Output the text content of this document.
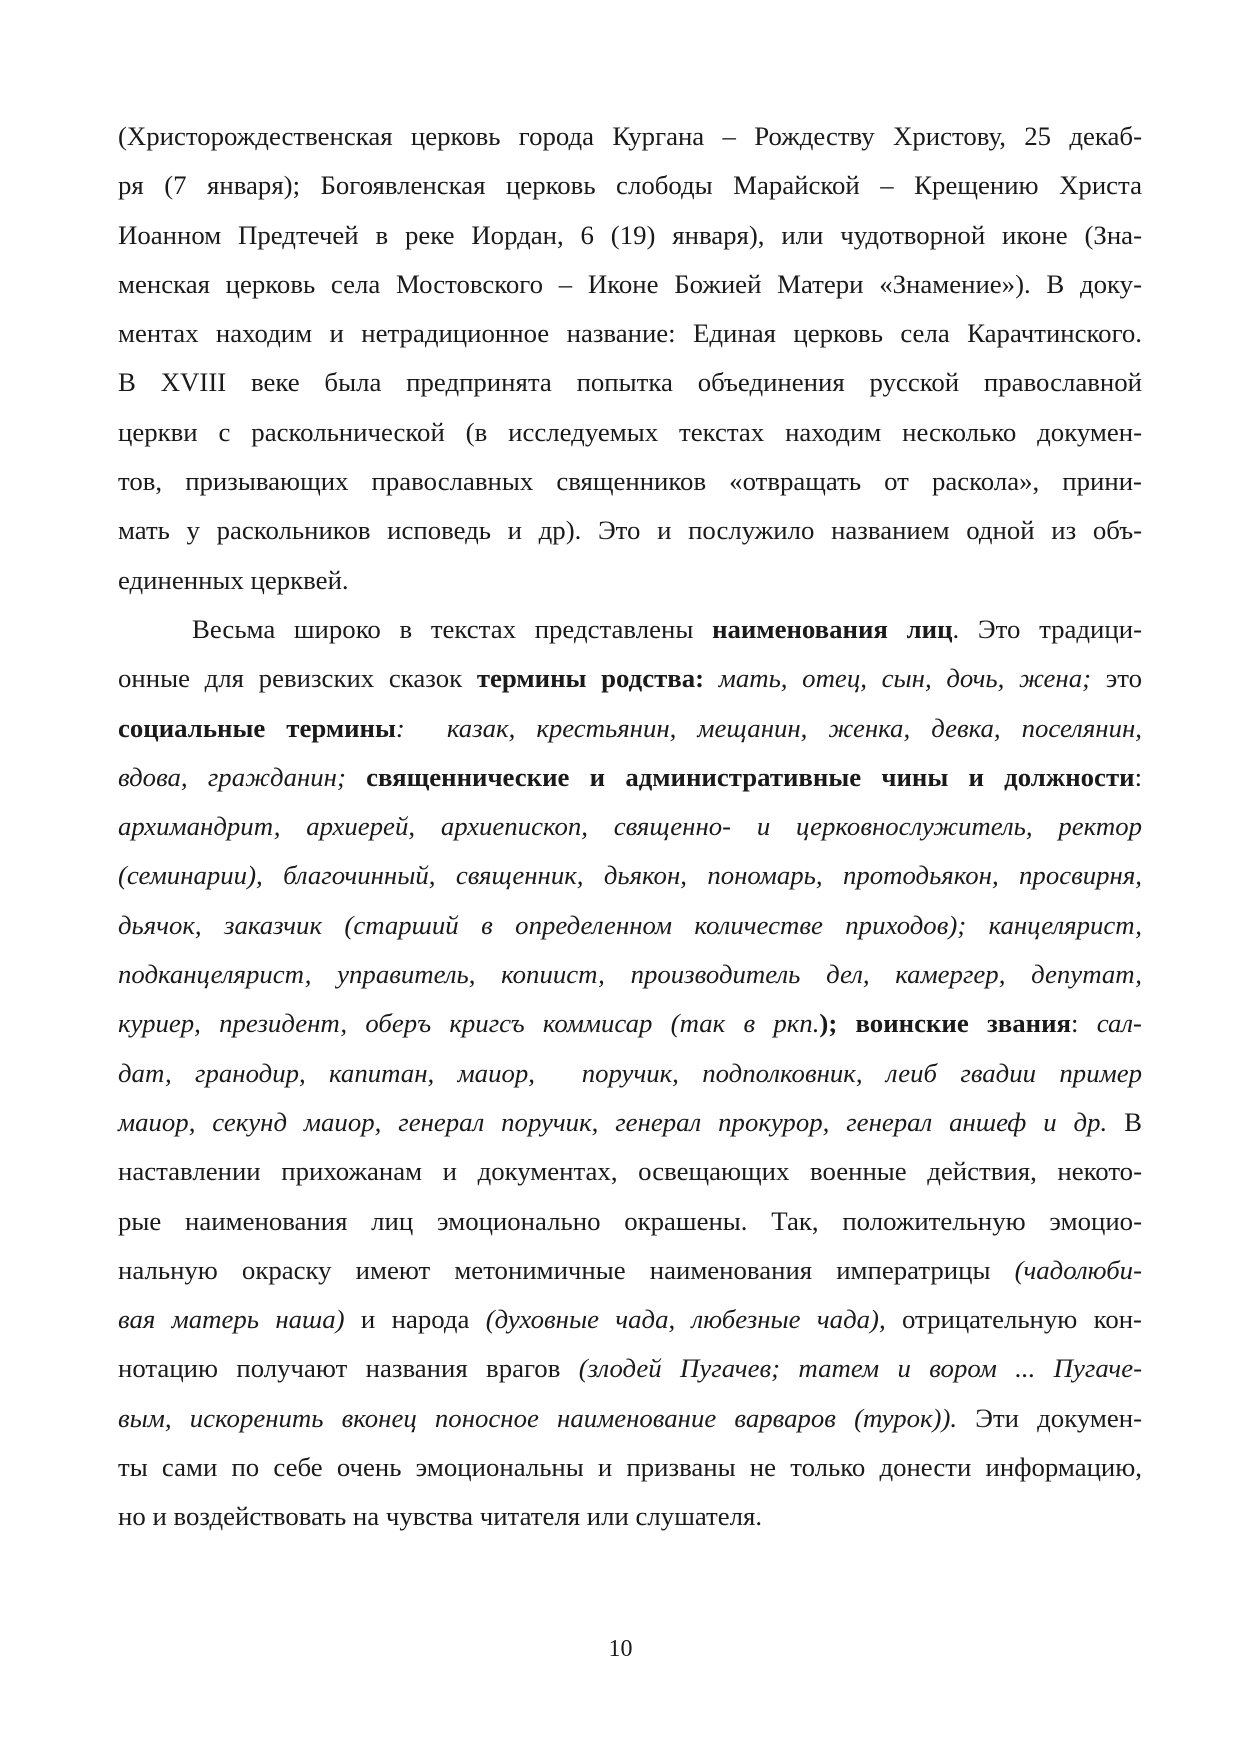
(Христорождественская церковь города Кургана – Рождеству Христову, 25 декаб-
ря (7 января); Богоявленская церковь слободы Марайской – Крещению Христа
Иоанном Предтечей в реке Иордан, 6 (19) января), или чудотворной иконе (Зна-
менская церковь села Мостовского – Иконе Божией Матери «Знамение»). В доку-
ментах находим и нетрадиционное название: Единая церковь села Карачтинского.
В XVIII веке была предпринята попытка объединения русской православной
церкви с раскольнической (в исследуемых текстах находим несколько докумен-
тов, призывающих православных священников «отвращать от раскола», прини-
мать у раскольников исповедь и др). Это и послужило названием одной из объ-
единенных церквей.
Весьма широко в текстах представлены наименования лиц. Это традици-
онные для ревизских сказок термины родства: мать, отец, сын, дочь, жена; это
социальные термины:  казак, крестьянин, мещанин, женка, девка, поселянин,
вдова, гражданин; священнические и административные чины и должности:
архимандрит, архиерей, архиепископ, священно- и церковнослужитель, ректор
(семинарии), благочинный, священник, дьякон, пономарь, протодьякон, просвирня,
дьячок, заказчик (старший в определенном количестве приходов); канцелярист,
подканцелярист, управитель, копиист, производитель дел, камергер, депутат,
куриер, президент, оберъ кригсъ коммисар (так в ркп.); воинские звания: сал-
дат, гранодир, капитан, маиор,  поручик, подполковник, леиб гвадии пример
маиор, секунд маиор, генерал поручик, генерал прокурор, генерал аншеф и др. В
наставлении прихожанам и документах, освещающих военные действия, некото-
рые наименования лиц эмоционально окрашены. Так, положительную эмоцио-
нальную окраску имеют метонимичные наименования императрицы (чадолюби-
вая матерь наша) и народа (духовные чада, любезные чада), отрицательную кон-
нотацию получают названия врагов (злодей Пугачев; татем и вором ... Пугаче-
вым, искоренить вконец поносное наименование варваров (турок)). Эти докумен-
ты сами по себе очень эмоциональны и призваны не только донести информацию,
но и воздействовать на чувства читателя или слушателя.
10
